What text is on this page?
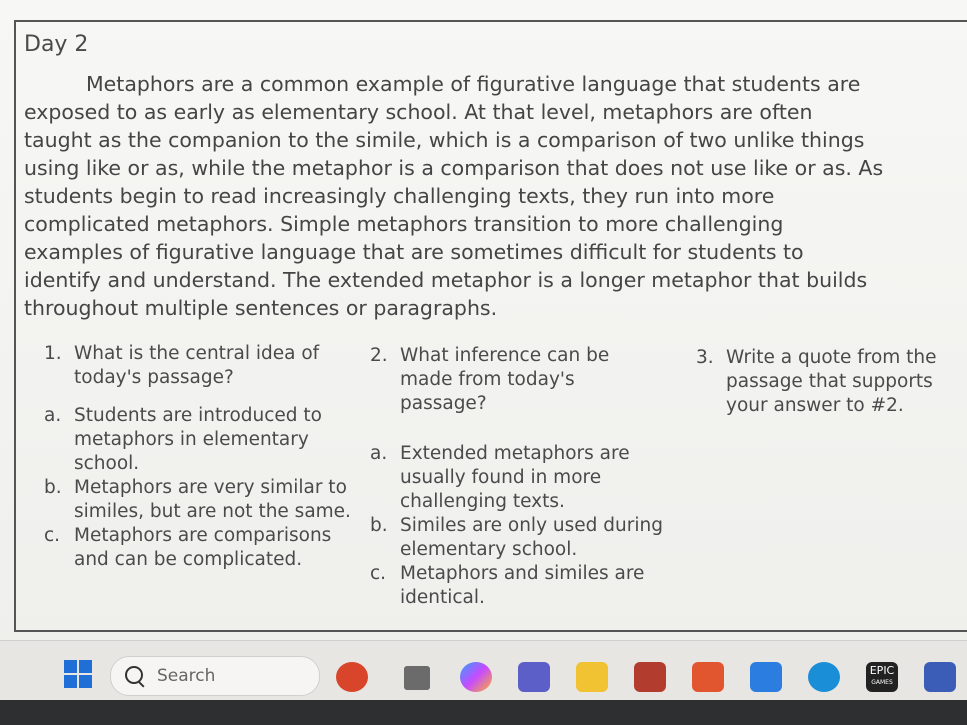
Day 2
Metaphors are a common example of figurative language that students are
exposed to as early as elementary school. At that level, metaphors are often
taught as the companion to the simile, which is a comparison of two unlike things
using like or as, while the metaphor is a comparison that does not use like or as. As
students begin to read increasingly challenging texts, they run into more
complicated metaphors. Simple metaphors transition to more challenging
examples of figurative language that are sometimes difficult for students to
identify and understand. The extended metaphor is a longer metaphor that builds
throughout multiple sentences or paragraphs.
1. What is the central idea of today's passage?
a. Students are introduced to metaphors in elementary school.
b. Metaphors are very similar to similes, but are not the same.
c. Metaphors are comparisons and can be complicated.
2. What inference can be made from today's passage?
a. Extended metaphors are usually found in more challenging texts.
b. Similes are only used during elementary school.
c. Metaphors and similes are identical.
3. Write a quote from the passage that supports your answer to #2.
Search	EPIC
GAMES
